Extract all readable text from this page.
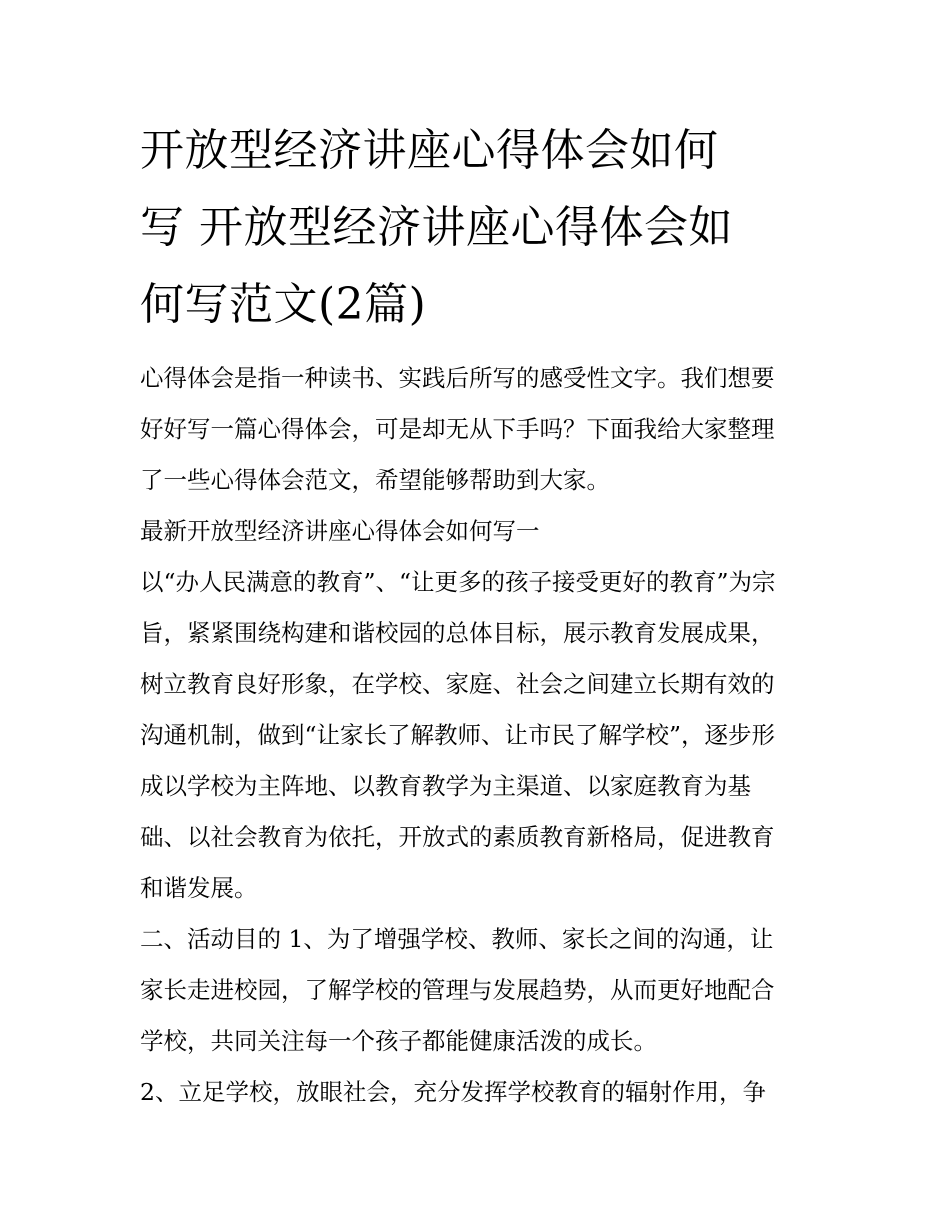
开放型经济讲座心得体会如何
写 开放型经济讲座心得体会如
何写范文(2篇)

心得体会是指一种读书、实践后所写的感受性文字。我们想要
好好写一篇心得体会，可是却无从下手吗？下面我给大家整理
了一些心得体会范文，希望能够帮助到大家。

最新开放型经济讲座心得体会如何写一

以“办人民满意的教育”、“让更多的孩子接受更好的教育”为宗
旨，紧紧围绕构建和谐校园的总体目标，展示教育发展成果，
树立教育良好形象，在学校、家庭、社会之间建立长期有效的
沟通机制，做到“让家长了解教师、让市民了解学校”，逐步形
成以学校为主阵地、以教育教学为主渠道、以家庭教育为基
础、以社会教育为依托，开放式的素质教育新格局，促进教育
和谐发展。

二、活动目的 1、为了增强学校、教师、家长之间的沟通，让
家长走进校园，了解学校的管理与发展趋势，从而更好地配合
学校，共同关注每一个孩子都能健康活泼的成长。

2、立足学校，放眼社会，充分发挥学校教育的辐射作用，争
